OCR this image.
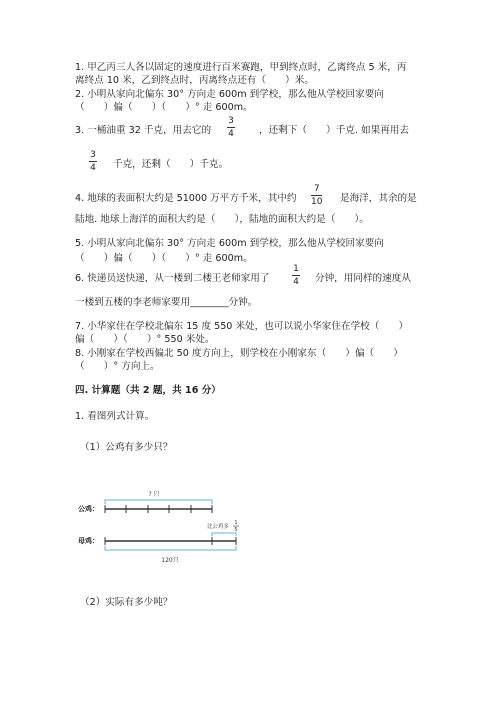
1. 甲乙丙三人各以固定的速度进行百米赛跑，甲到终点时，乙离终点 5 米，丙
离终点 10 米，乙到终点时，丙离终点还有（　　）米。
2. 小明从家向北偏东 30° 方向走 600m 到学校，那么他从学校回家要向
（　　）偏（　　）（　　）° 走 600m。
3. 一桶油重 32 千克，用去它的
3
4	，还剩下（　　）千克. 如果再用去
3
4 千克，还剩（　　）千克。
4. 地球的表面积大约是 51000 万平方千米，其中约
7
10 是海洋，其余的是
陆地. 地球上海洋的面积大约是（　　），陆地的面积大约是（　　）。
5. 小明从家向北偏东 30° 方向走 600m 到学校，那么他从学校回家要向
（　　）偏（　　）（　　）° 走 600m。
6. 快递员送快递，从一楼到二楼王老师家用了
1
4 分钟，用同样的速度从
一楼到五楼的李老师家要用________分钟。
7. 小华家住在学校北偏东 15 度 550 米处，也可以说小华家住在学校（　　）
偏（　　）（　　）° 550 米处。
8. 小刚家在学校西偏北 50 度方向上，则学校在小刚家东（　　）偏（　　）
（　　）° 方向上。
四. 计算题（共 2 题，共 16 分）
1. 看图列式计算。
（1）公鸡有多少只？
公鸡：
? 只
比公鸡多
1
5
母鸡：
120只
（2）实际有多少吨？
